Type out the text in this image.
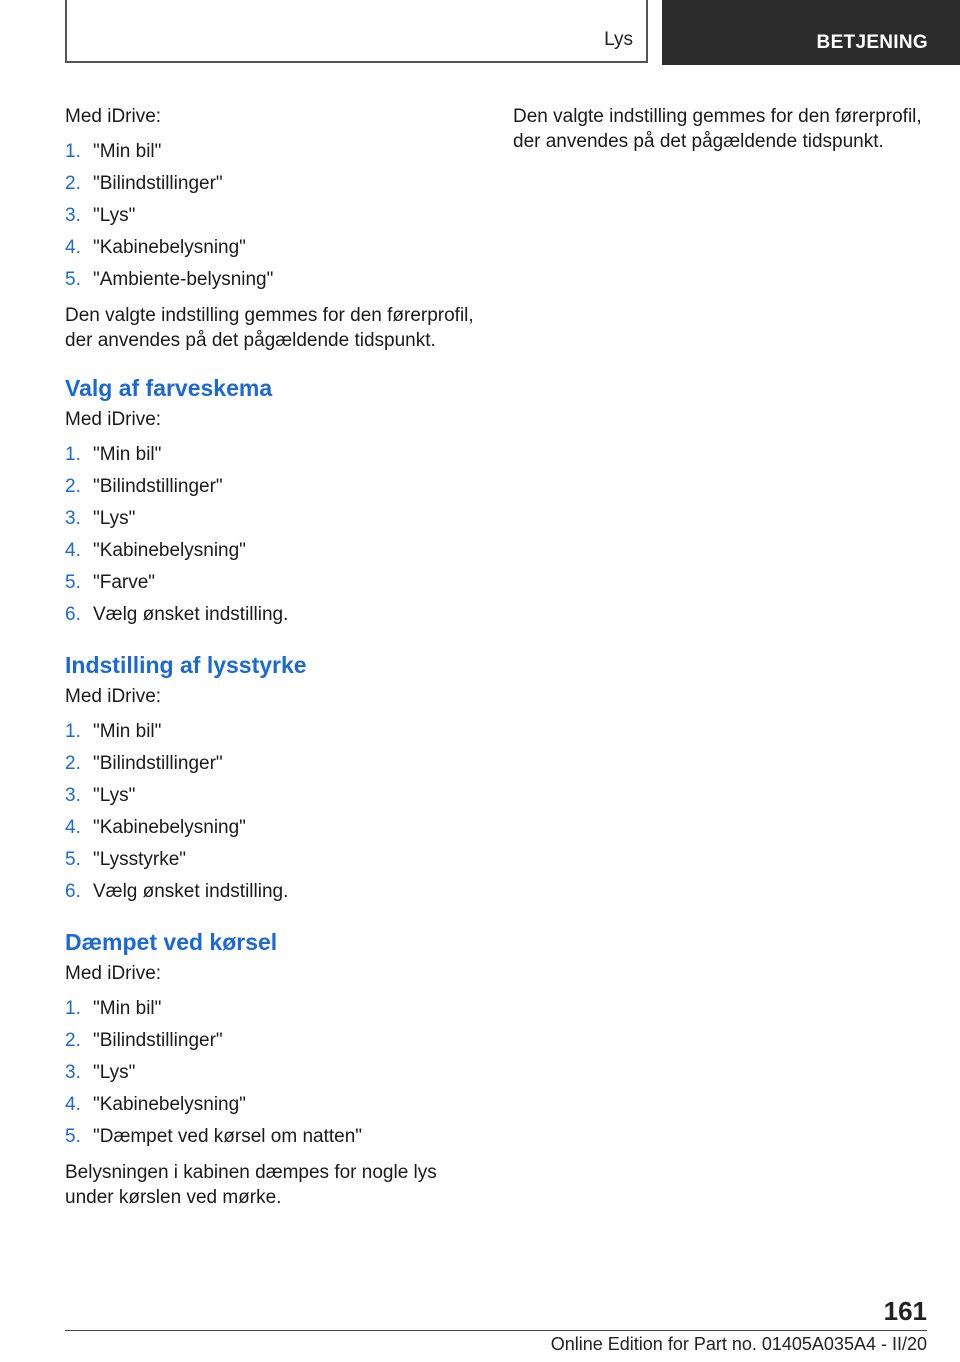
Lys	BETJENING

Med iDrive:

1. "Min bil"
2. "Bilindstillinger"
3. "Lys"
4. "Kabinebelysning"
5. "Ambiente-belysning"

Den valgte indstilling gemmes for den førerprofil, der anvendes på det pågældende tidspunkt.

Valg af farveskema

Med iDrive:

1. "Min bil"
2. "Bilindstillinger"
3. "Lys"
4. "Kabinebelysning"
5. "Farve"
6. Vælg ønsket indstilling.
Indstilling af lysstyrke

Med iDrive:

1. "Min bil"
2. "Bilindstillinger"
3. "Lys"
4. "Kabinebelysning"
5. "Lysstyrke"
6. Vælg ønsket indstilling.
Dæmpet ved kørsel

Med iDrive:

1. "Min bil"
2. "Bilindstillinger"
3. "Lys"
4. "Kabinebelysning"
5. "Dæmpet ved kørsel om natten"

Belysningen i kabinen dæmpes for nogle lys under kørslen ved mørke.

Den valgte indstilling gemmes for den førerprofil, der anvendes på det pågældende tidspunkt.

161
Online Edition for Part no. 01405A035A4 - II/20
